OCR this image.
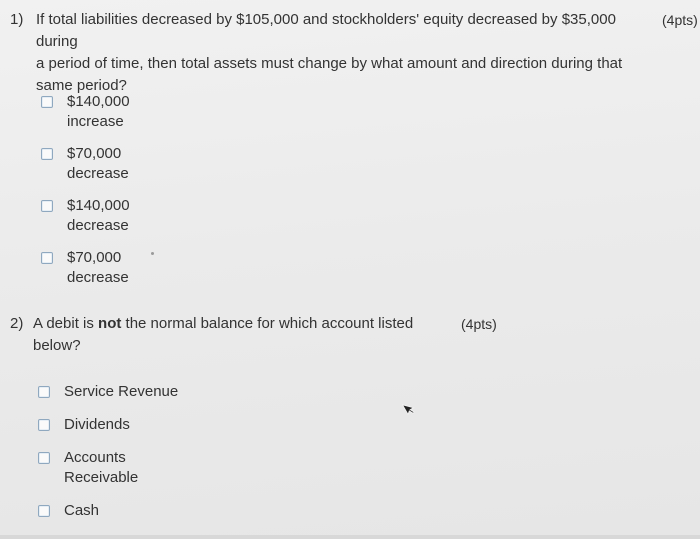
1) If total liabilities decreased by $105,000 and stockholders' equity decreased by $35,000 during
a period of time, then total assets must change by what amount and direction during that
same period?
(4pts)
$140,000
increase
$70,000
decrease
$140,000
decrease
$70,000
decrease
2) A debit is not the normal balance for which account listed
below?
(4pts)
Service Revenue
Dividends
Accounts
Receivable
Cash
